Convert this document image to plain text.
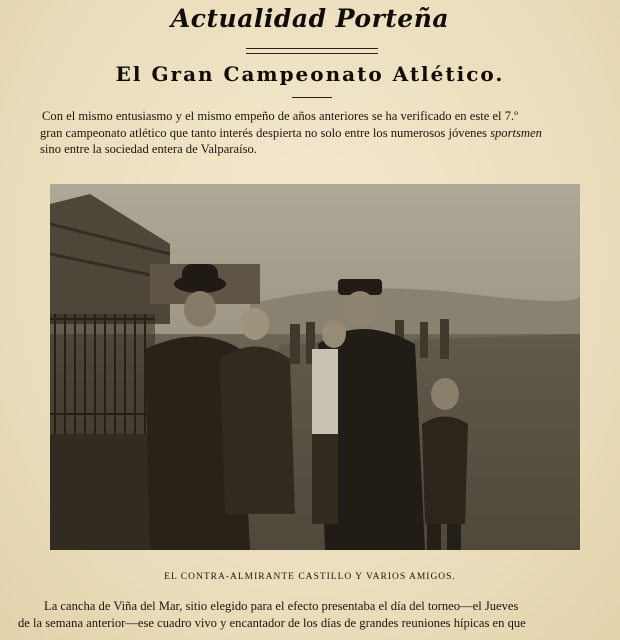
Actualidad Porteña
El Gran Campeonato Atlético.
Con el mismo entusiasmo y el mismo empeño de años anteriores se ha verificado en este el 7.º
gran campeonato atlético que tanto interés despierta no solo entre los numerosos jóvenes sportsmen
sino entre la sociedad entera de Valparaíso.
EL CONTRA-ALMIRANTE CASTILLO Y VARIOS AMIGOS.
La cancha de Viña del Mar, sitio elegido para el efecto presentaba el día del torneo—el Jueves
de la semana anterior—ese cuadro vivo y encantador de los días de grandes reuniones hípicas en que
